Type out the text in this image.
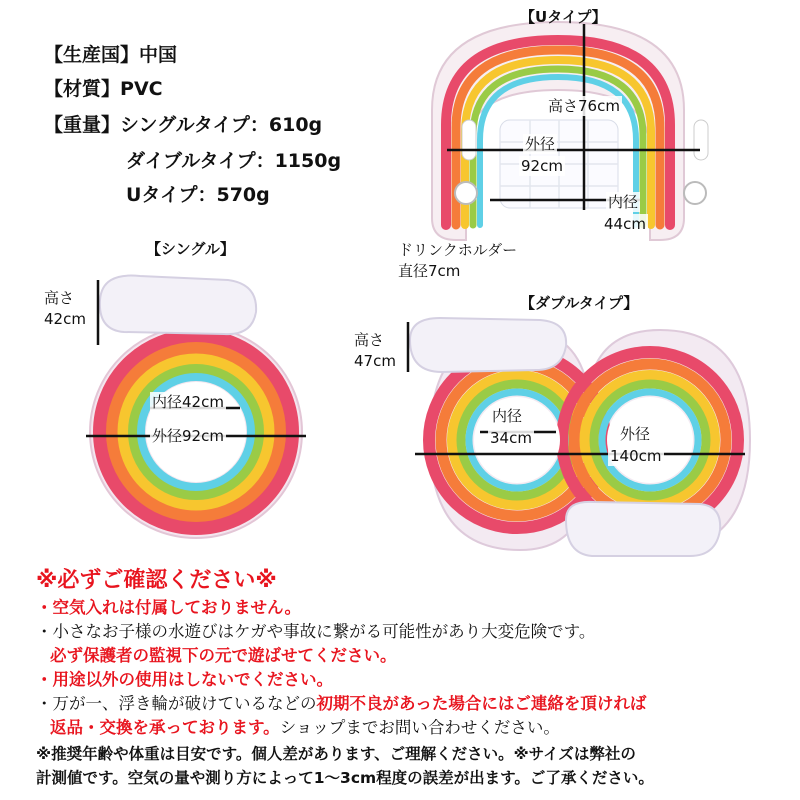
【生産国】中国
【材質】PVC
【重量】シングルタイプ：610g
ダイブルタイプ：1150g
Uタイプ：570g
【Uタイプ】
高さ76cm
外径
92cm
内径
44cm
ドリンクホルダー
直径7cm
【シングル】
高さ
42cm
内径42cm
外径92cm
【ダブルタイプ】
高さ
47cm
内径
34cm	外径
140cm
※必ずご確認ください※
・空気入れは付属しておりません。
・小さなお子様の水遊びはケガや事故に繋がる可能性があり大変危険です。
必ず保護者の監視下の元で遊ばせてください。
・用途以外の使用はしないでください。
・万が一、浮き輪が破けているなどの初期不良があった場合にはご連絡を頂ければ
返品・交換を承っております。ショップまでお問い合わせください。
※推奨年齢や体重は目安です。個人差があります、ご理解ください。※サイズは弊社の
計測値です。空気の量や測り方によって1〜3cm程度の誤差が出ます。ご了承ください。
